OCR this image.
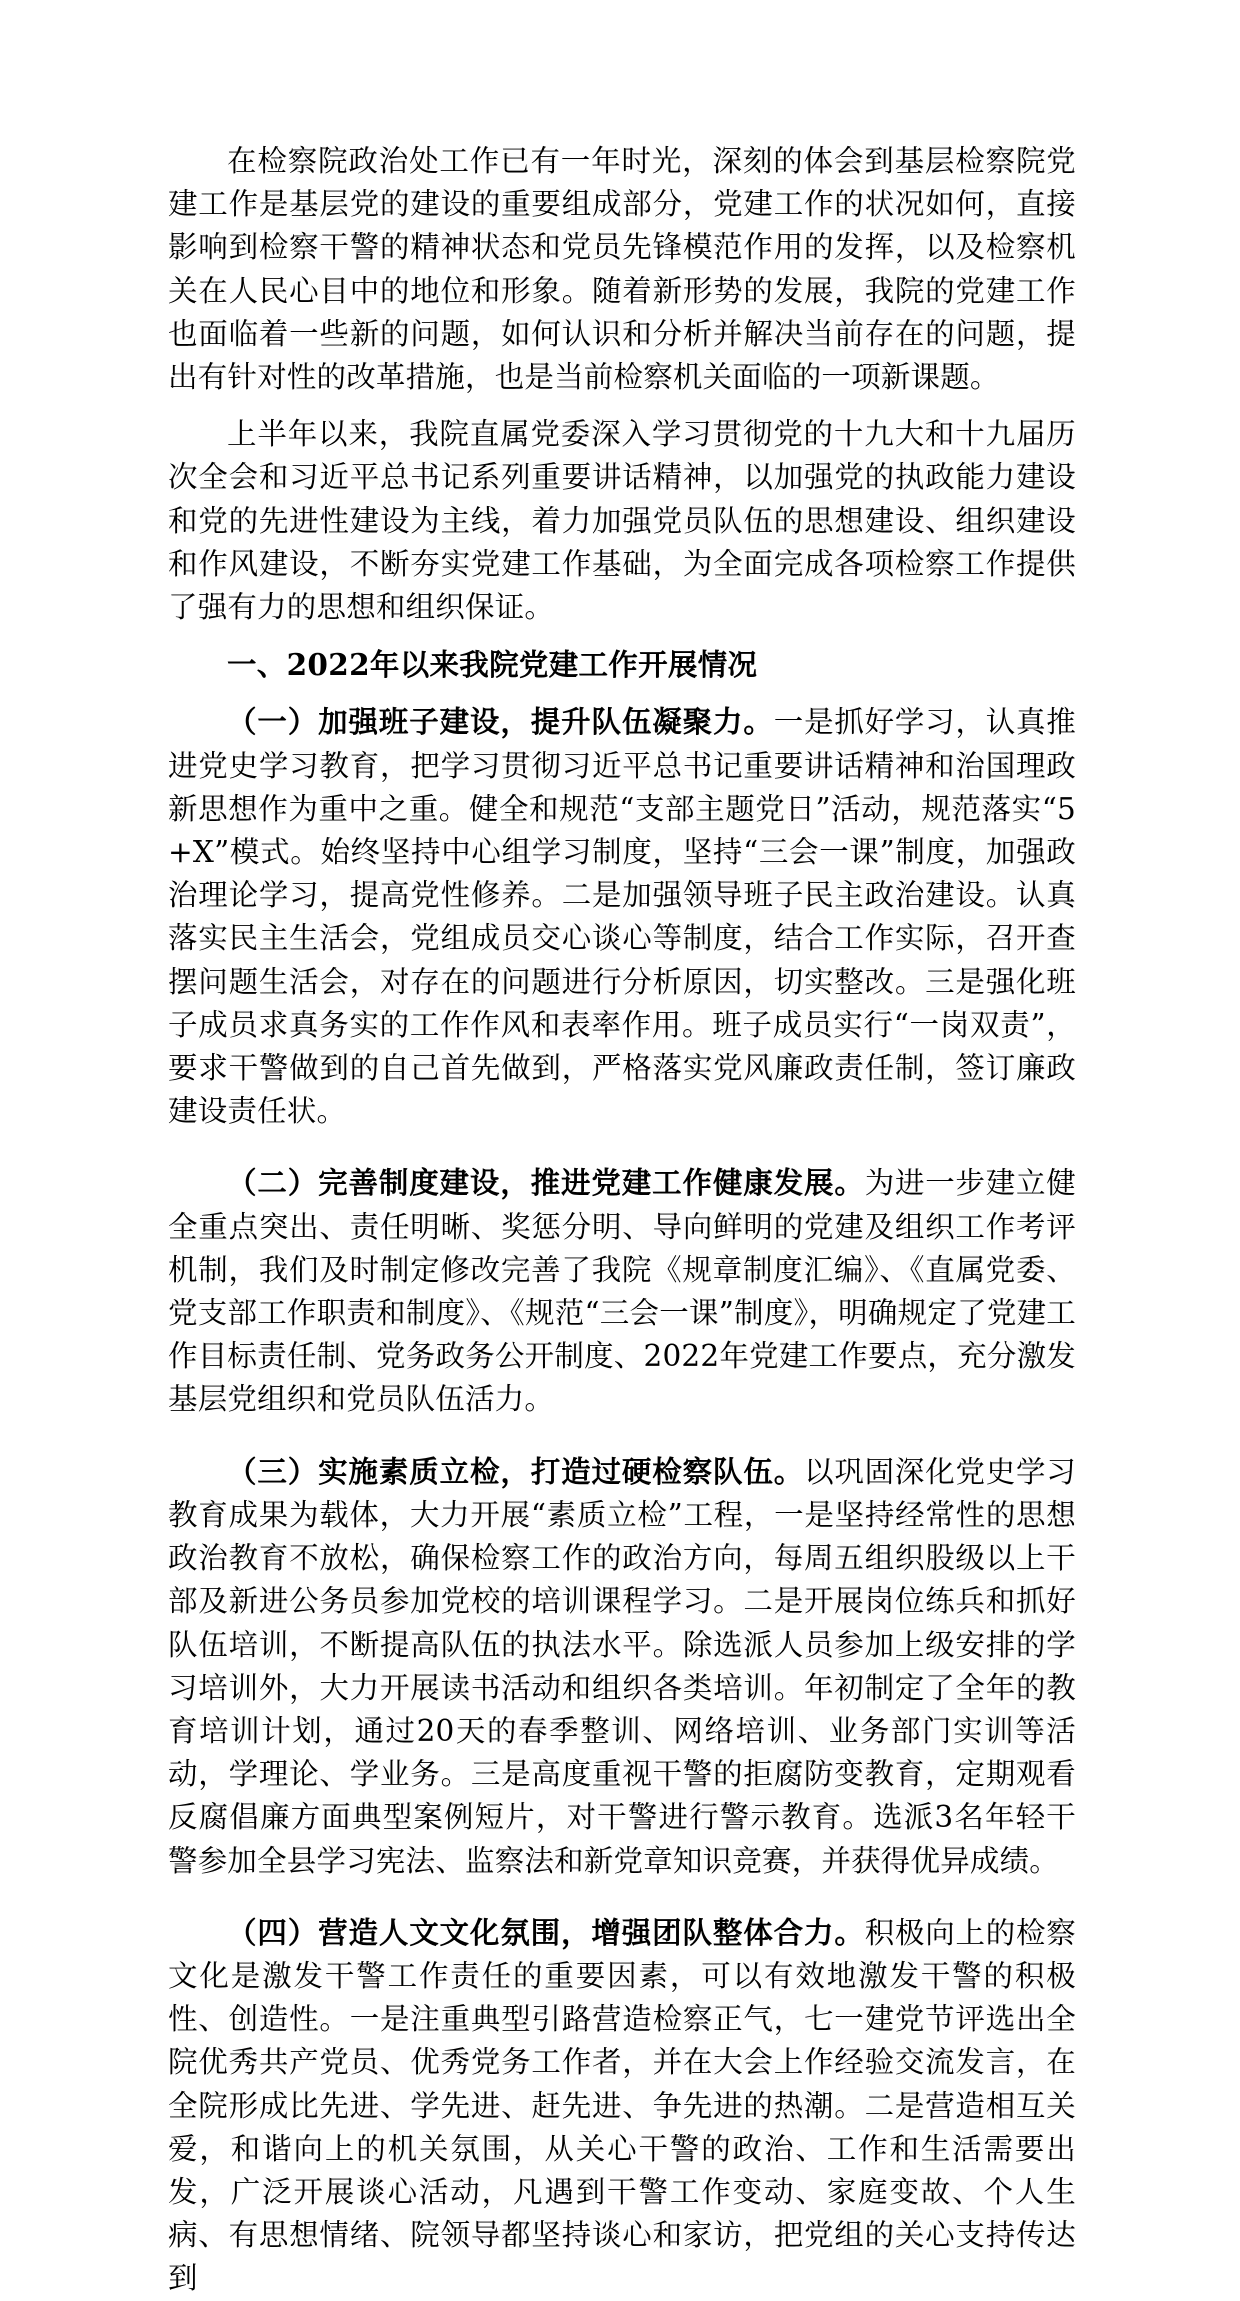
在检察院政治处工作已有一年时光，深刻的体会到基层检察院党建工作是基层党的建设的重要组成部分，党建工作的状况如何，直接影响到检察干警的精神状态和党员先锋模范作用的发挥，以及检察机关在人民心目中的地位和形象。随着新形势的发展，我院的党建工作也面临着一些新的问题，如何认识和分析并解决当前存在的问题，提出有针对性的改革措施，也是当前检察机关面临的一项新课题。

上半年以来，我院直属党委深入学习贯彻党的十九大和十九届历次全会和习近平总书记系列重要讲话精神，以加强党的执政能力建设和党的先进性建设为主线，着力加强党员队伍的思想建设、组织建设和作风建设，不断夯实党建工作基础，为全面完成各项检察工作提供了强有力的思想和组织保证。

一、2022年以来我院党建工作开展情况

（一）加强班子建设，提升队伍凝聚力。一是抓好学习，认真推进党史学习教育，把学习贯彻习近平总书记重要讲话精神和治国理政新思想作为重中之重。健全和规范“支部主题党日”活动，规范落实“5+X”模式。始终坚持中心组学习制度，坚持“三会一课”制度，加强政治理论学习，提高党性修养。二是加强领导班子民主政治建设。认真落实民主生活会，党组成员交心谈心等制度，结合工作实际，召开查摆问题生活会，对存在的问题进行分析原因，切实整改。三是强化班子成员求真务实的工作作风和表率作用。班子成员实行“一岗双责”，要求干警做到的自己首先做到，严格落实党风廉政责任制，签订廉政建设责任状。

（二）完善制度建设，推进党建工作健康发展。为进一步建立健全重点突出、责任明晰、奖惩分明、导向鲜明的党建及组织工作考评机制，我们及时制定修改完善了我院《规章制度汇编》、《直属党委、党支部工作职责和制度》、《规范“三会一课”制度》，明确规定了党建工作目标责任制、党务政务公开制度、2022年党建工作要点，充分激发基层党组织和党员队伍活力。

（三）实施素质立检，打造过硬检察队伍。以巩固深化党史学习教育成果为载体，大力开展“素质立检”工程，一是坚持经常性的思想政治教育不放松，确保检察工作的政治方向，每周五组织股级以上干部及新进公务员参加党校的培训课程学习。二是开展岗位练兵和抓好队伍培训，不断提高队伍的执法水平。除选派人员参加上级安排的学习培训外，大力开展读书活动和组织各类培训。年初制定了全年的教育培训计划，通过20天的春季整训、网络培训、业务部门实训等活动，学理论、学业务。三是高度重视干警的拒腐防变教育，定期观看反腐倡廉方面典型案例短片，对干警进行警示教育。选派3名年轻干警参加全县学习宪法、监察法和新党章知识竞赛，并获得优异成绩。

（四）营造人文文化氛围，增强团队整体合力。积极向上的检察文化是激发干警工作责任的重要因素，可以有效地激发干警的积极性、创造性。一是注重典型引路营造检察正气，七一建党节评选出全院优秀共产党员、优秀党务工作者，并在大会上作经验交流发言，在全院形成比先进、学先进、赶先进、争先进的热潮。二是营造相互关爱，和谐向上的机关氛围，从关心干警的政治、工作和生活需要出发，广泛开展谈心活动，凡遇到干警工作变动、家庭变故、个人生病、有思想情绪、院领导都坚持谈心和家访，把党组的关心支持传达到
